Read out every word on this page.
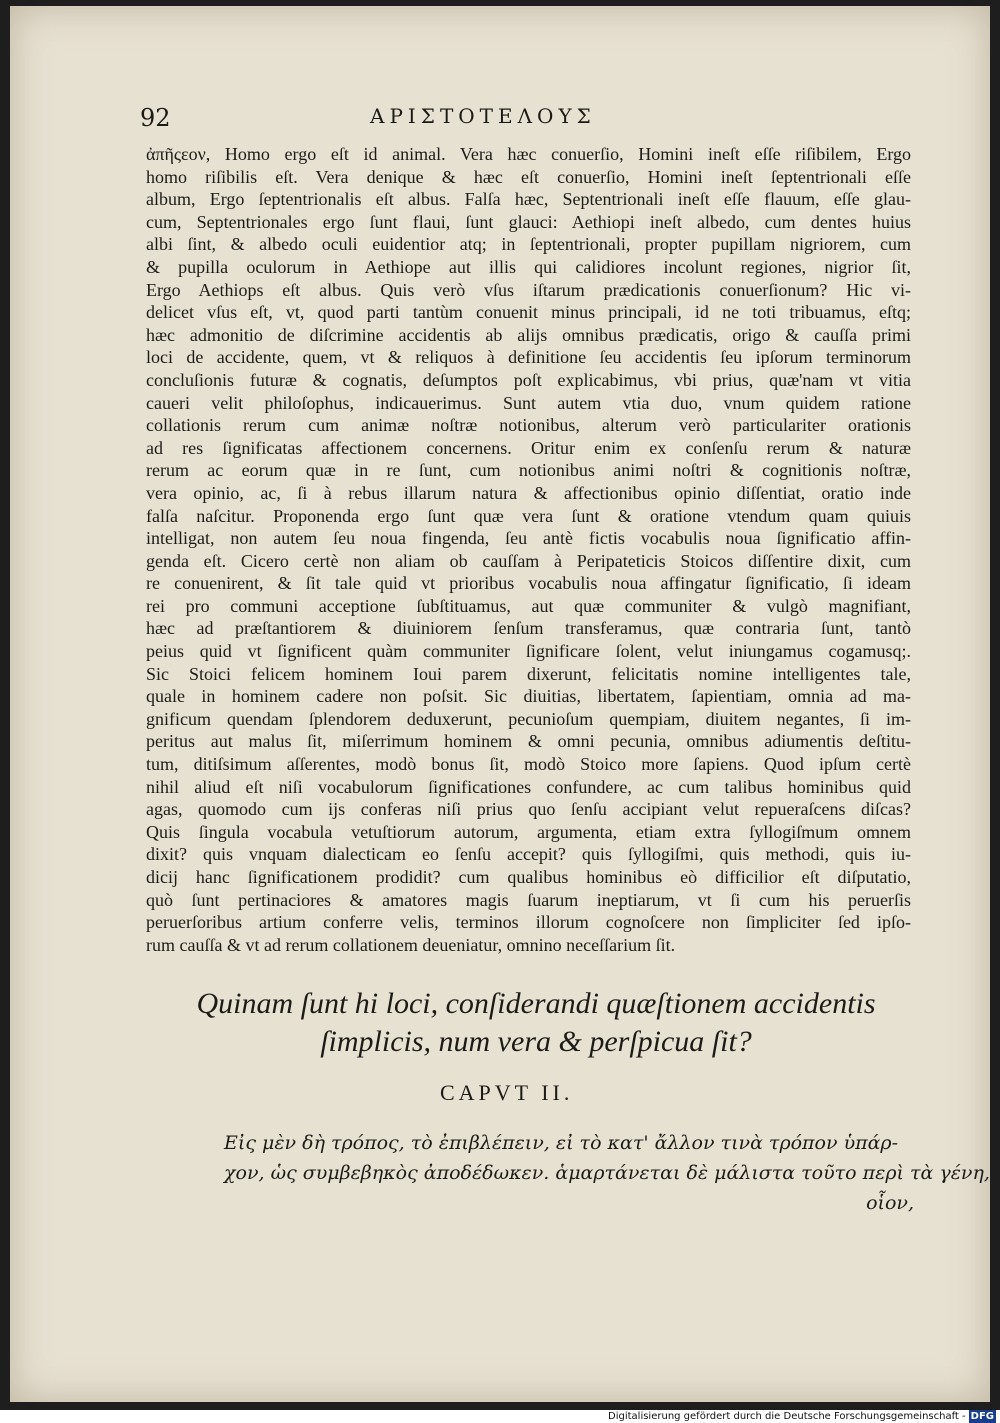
92	ΑΡΙΣΤΟΤΕΛΟΥΣ
ἀπῆςεον, Homo ergo eſt id animal. Vera hæc conuerſio, Homini ineſt eſſe riſibilem, Ergo
homo riſibilis eſt. Vera denique & hæc eſt conuerſio, Homini ineſt ſeptentrionali eſſe
album, Ergo ſeptentrionalis eſt albus. Falſa hæc, Septentrionali ineſt eſſe flauum, eſſe glau-
cum, Septentrionales ergo ſunt flaui, ſunt glauci: Aethiopi ineſt albedo, cum dentes huius
albi ſint, & albedo oculi euidentior atq; in ſeptentrionali, propter pupillam nigriorem, cum
& pupilla oculorum in Aethiope aut illis qui calidiores incolunt regiones, nigrior ſit,
Ergo Aethiops eſt albus. Quis verò vſus iſtarum prædicationis conuerſionum? Hic vi-
delicet vſus eſt, vt, quod parti tantùm conuenit minus principali, id ne toti tribuamus, eſtq;
hæc admonitio de diſcrimine accidentis ab alijs omnibus prædicatis, origo & cauſſa primi
loci de accidente, quem, vt & reliquos à definitione ſeu accidentis ſeu ipſorum terminorum
concluſionis futuræ & cognatis, deſumptos poſt explicabimus, vbi prius, quæ'nam vt vitia
caueri velit philoſophus, indicauerimus. Sunt autem vtia duo, vnum quidem ratione
collationis rerum cum animæ noſtræ notionibus, alterum verò particulariter orationis
ad res ſignificatas affectionem concernens. Oritur enim ex conſenſu rerum & naturæ
rerum ac eorum quæ in re ſunt, cum notionibus animi noſtri & cognitionis noſtræ,
vera opinio, ac, ſi à rebus illarum natura & affectionibus opinio diſſentiat, oratio inde
falſa naſcitur. Proponenda ergo ſunt quæ vera ſunt & oratione vtendum quam quiuis
intelligat, non autem ſeu noua fingenda, ſeu antè fictis vocabulis noua ſignificatio affin-
genda eſt. Cicero certè non aliam ob cauſſam à Peripateticis Stoicos diſſentire dixit, cum
re conuenirent, & ſit tale quid vt prioribus vocabulis noua affingatur ſignificatio, ſi ideam
rei pro communi acceptione ſubſtituamus, aut quæ communiter & vulgò magnifiant,
hæc ad præſtantiorem & diuiniorem ſenſum transferamus, quæ contraria ſunt, tantò
peius quid vt ſignificent quàm communiter ſignificare ſolent, velut iniungamus cogamusq;.
Sic Stoici felicem hominem Ioui parem dixerunt, felicitatis nomine intelligentes tale,
quale in hominem cadere non poſsit. Sic diuitias, libertatem, ſapientiam, omnia ad ma-
gnificum quendam ſplendorem deduxerunt, pecunioſum quempiam, diuitem negantes, ſi im-
peritus aut malus ſit, miſerrimum hominem & omni pecunia, omnibus adiumentis deſtitu-
tum, ditiſsimum aſſerentes, modò bonus ſit, modò Stoico more ſapiens. Quod ipſum certè
nihil aliud eſt niſi vocabulorum ſignificationes confundere, ac cum talibus hominibus quid
agas, quomodo cum ijs conferas niſi prius quo ſenſu accipiant velut repueraſcens diſcas?
Quis ſingula vocabula vetuſtiorum autorum, argumenta, etiam extra ſyllogiſmum omnem
dixit? quis vnquam dialecticam eo ſenſu accepit? quis ſyllogiſmi, quis methodi, quis iu-
dicij hanc ſignificationem prodidit? cum qualibus hominibus eò difficilior eſt diſputatio,
quò ſunt pertinaciores & amatores magis ſuarum ineptiarum, vt ſi cum his peruerſis
peruerſoribus artium conferre velis, terminos illorum cognoſcere non ſimpliciter ſed ipſo-
rum cauſſa & vt ad rerum collationem deueniatur, omnino neceſſarium ſit.
Quinam ſunt hi loci, conſiderandi quæſtionem accidentis
ſimplicis, num vera & perſpicua ſit?
CAPVT II.
Εἰς μὲν δὴ τρόπος, τὸ ἐπιβλέπειν, εἰ τὸ κατ' ἄλλον τινὰ τρόπον ὑπάρ-
χον, ὡς συμβεβηκὸς ἀποδέδωκεν. ἁμαρτάνεται δὲ μάλιστα τοῦτο περὶ τὰ γένη,
οἷον,
Digitalisierung gefördert durch die Deutsche Forschungsgemeinschaft - DFG
